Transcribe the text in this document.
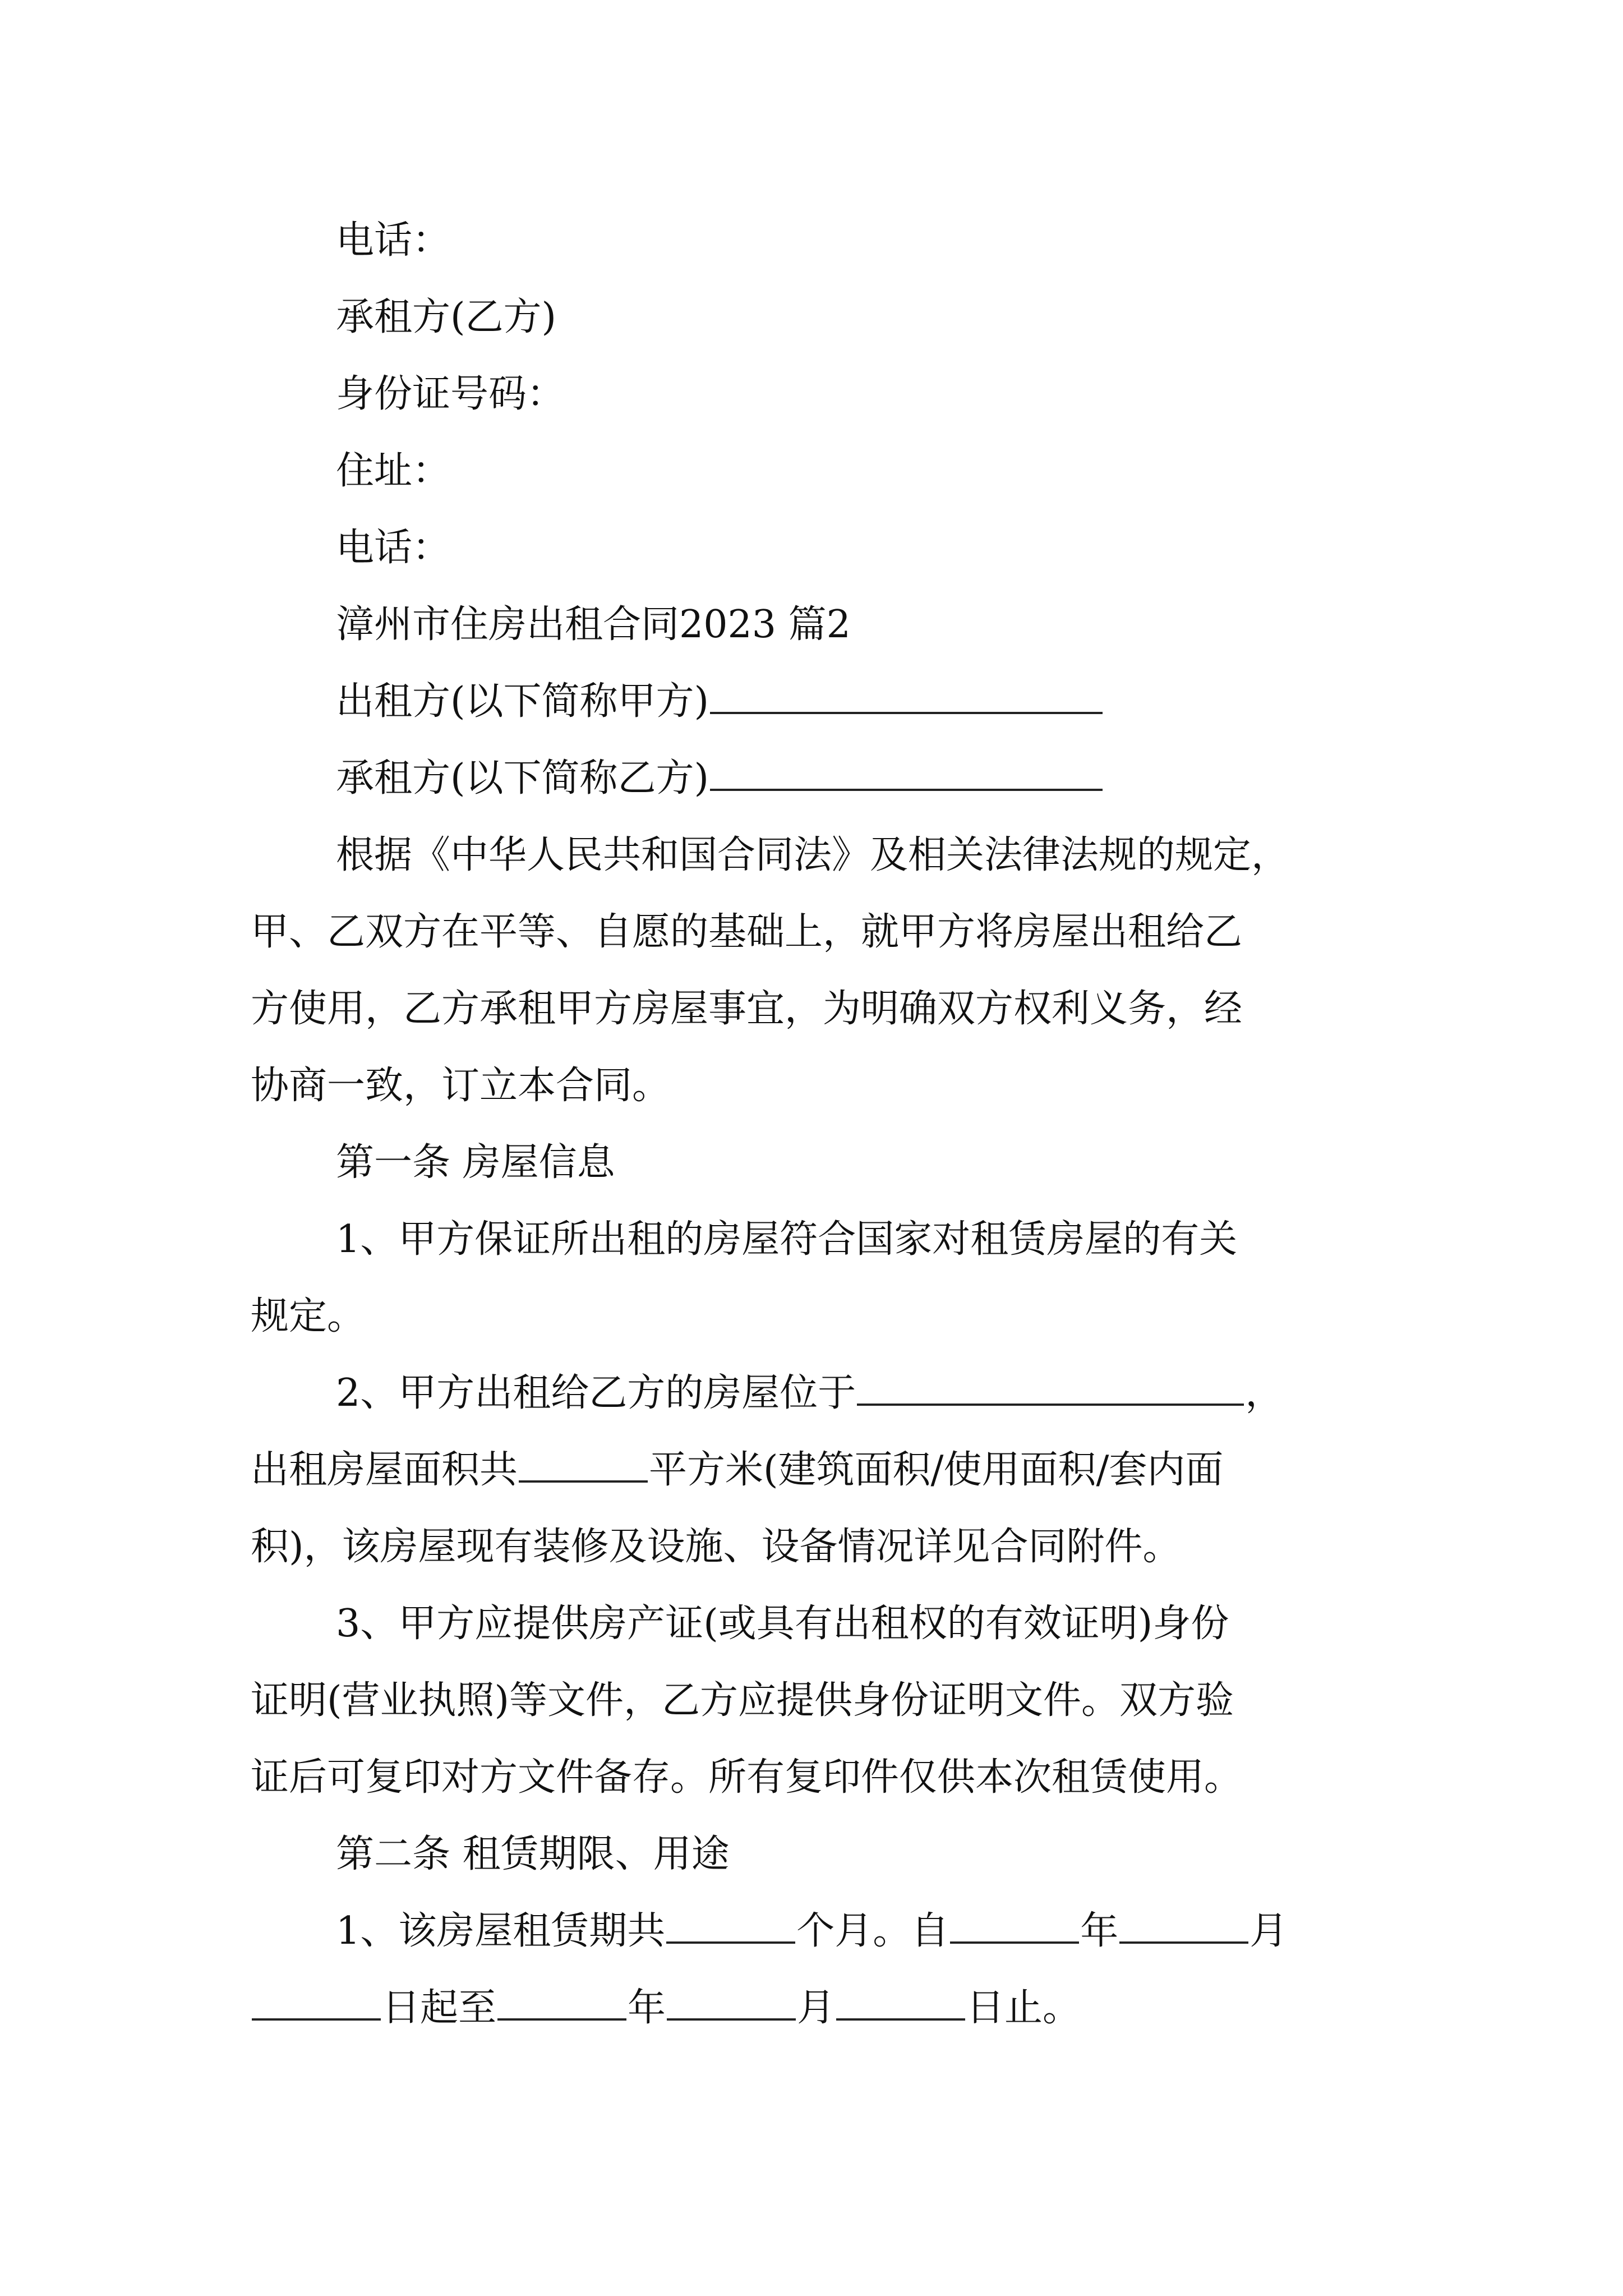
电话：
承租方(乙方)
身份证号码：
住址：
电话：
漳州市住房出租合同2023 篇2
出租方(以下简称甲方)
承租方(以下简称乙方)
根据《中华人民共和国合同法》及相关法律法规的规定，
甲、乙双方在平等、自愿的基础上，就甲方将房屋出租给乙
方使用，乙方承租甲方房屋事宜，为明确双方权利义务，经
协商一致，订立本合同。
第一条 房屋信息
1、甲方保证所出租的房屋符合国家对租赁房屋的有关
规定。
2、甲方出租给乙方的房屋位于	，
出租房屋面积共	平方米(建筑面积/使用面积/套内面
积)，该房屋现有装修及设施、设备情况详见合同附件。
3、甲方应提供房产证(或具有出租权的有效证明)身份
证明(营业执照)等文件，乙方应提供身份证明文件。双方验
证后可复印对方文件备存。所有复印件仅供本次租赁使用。
第二条 租赁期限、用途
1、该房屋租赁期共	个月。自	年	月
日起至	年	月	日止。
